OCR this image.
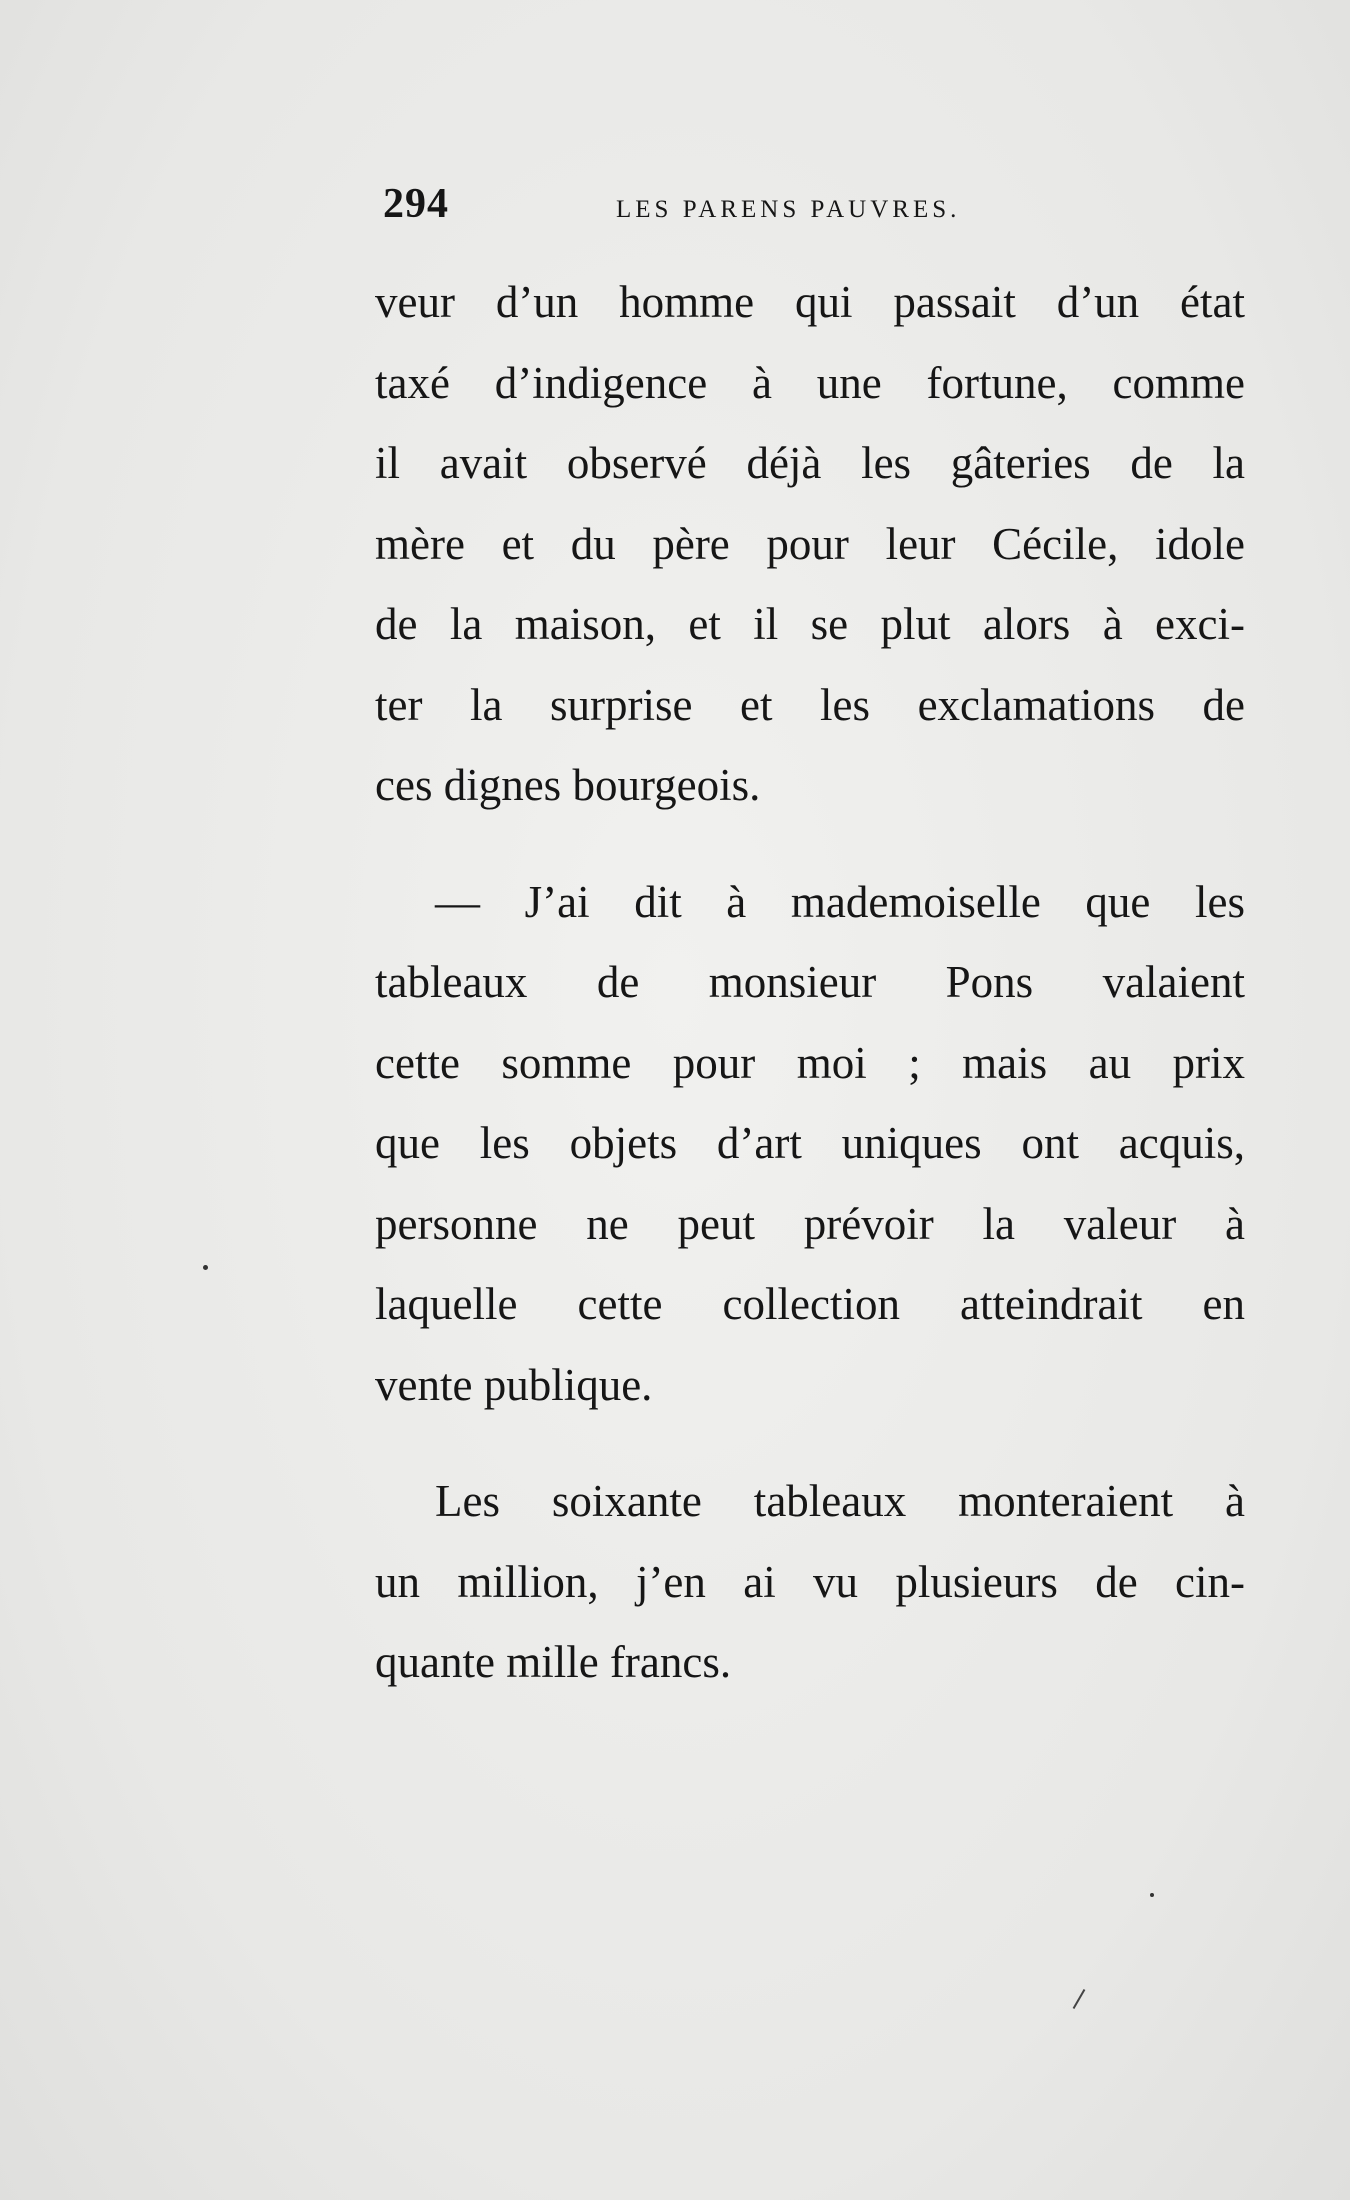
294	LES PARENS PAUVRES.

veur d’un homme qui passait d’un état
taxé d’indigence à une fortune, comme
il avait observé déjà les gâteries de la
mère et du père pour leur Cécile, idole
de la maison, et il se plut alors à exci-
ter la surprise et les exclamations de
ces dignes bourgeois.

— J’ai dit à mademoiselle que les
tableaux de monsieur Pons valaient
cette somme pour moi ; mais au prix
que les objets d’art uniques ont acquis,
personne ne peut prévoir la valeur à
laquelle cette collection atteindrait en
vente publique.

Les soixante tableaux monteraient à
un million, j’en ai vu plusieurs de cin-
quante mille francs.
